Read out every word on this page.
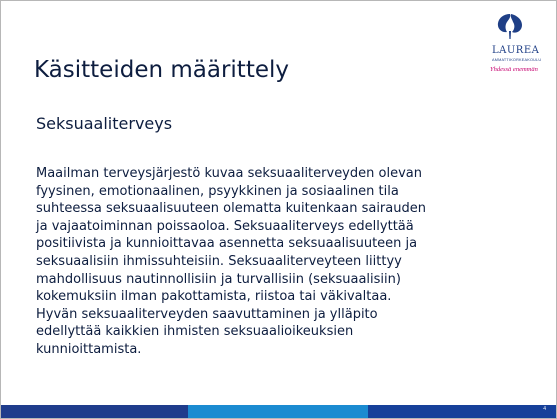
LAUREA
AMMATTIKORKEAKOULU
Yhdessä enemmän
Käsitteiden määrittely
Seksuaaliterveys
Maailman terveysjärjestö kuvaa seksuaaliterveyden olevan
fyysinen, emotionaalinen, psyykkinen ja sosiaalinen tila
suhteessa seksuaalisuuteen olematta kuitenkaan sairauden
ja vajaatoiminnan poissaoloa. Seksuaaliterveys edellyttää
positiivista ja kunnioittavaa asennetta seksuaalisuuteen ja
seksuaalisiin ihmissuhteisiin. Seksuaaliterveyteen liittyy
mahdollisuus nautinnollisiin ja turvallisiin (seksuaalisiin)
kokemuksiin ilman pakottamista, riistoa tai väkivaltaa.
Hyvän seksuaaliterveyden saavuttaminen ja ylläpito
edellyttää kaikkien ihmisten seksuaalioikeuksien
kunnioittamista.
4
